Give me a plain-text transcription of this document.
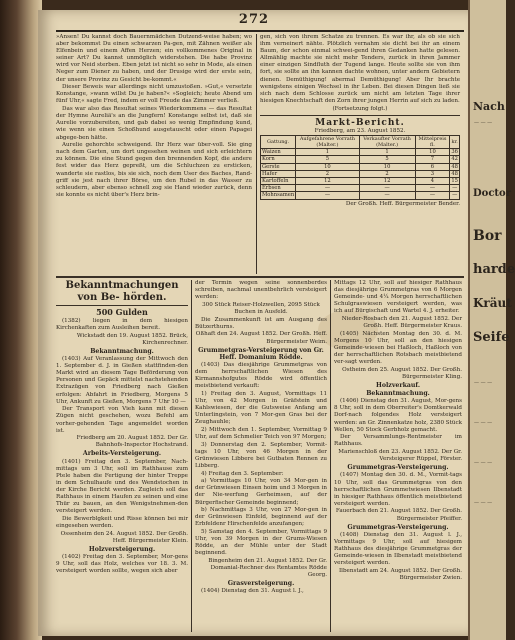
272

»Ansen! Du kannst doch Bauernmädchen Dutzend-weise haben; wo aber bekommst Du einen schwarzen Pa-gen, mit Zähnen weißer als Elfenbein und einem Affen Herzen; ein vollkommenes Original in seiner Art? Du kannst unmöglich widerstehen. Die habe Provinz wird vor Neid sterben. Eben jetzt ist nicht so sehr in Mode, als einen Neger zum Diener zu haben, und der Drusige wird der erste sein, der unsere Provinz zu Gesicht be-kommt.«

Dieser Beweis war allerdings nicht umzustoßen. »Gut,« versetzte Konstange, »wann willst Du je haben?« »Sogleich; heute Abend um fünf Uhr,« sagte Fred, indem er voll Freude das Zimmer verließ.

Das war also das Resultat seines Wiederkommens — das Resultat der Hymne Aureliä's an die Jungfern! Konstange selbst ist, daß sie Aurelie vorzubereiten, und gab dabei so wenig Empfindung kund, wie wenn sie einen Schoßhund ausgetauscht oder einen Papagei abgege-ben hätte.

Aurelie gehorchte schweigend. Ihr Herz war über-voll. Sie ging nach dem Garten, um dort ungesehen weinen und sich erleichtern zu können. Die eine Stund gegen den brennenden Kopf, die andere fest wider das Herz gepreßt, um die Schluchzen zu ersticken, wanderte sie rastlos, bis sie sich, noch dem User des Baches, Rand-griff sie jest nach ihrer Börse, um den Rubel in das Wasser zu schleudern, aber ebenso schnell zog sie Hand wieder zurück, denn sie konnte es nicht über's Herz brin-

gen, sich von ihrem Schatze zu trennen. Es war ihr, als ob sie sich ihm verneinert nähte. Plötzlich vernahm sie dicht bei ihr an einem Baum, der schon einmal schwei-gend ihren Gedanken hatte gelesen. Allmählig machte sie nicht mehr Tenders, zurück in ihren Jammer einer einzigen Sindfluth der Tugend lange. Heute sollte sie von ihm fort, sie sollte an ihn kannen dachte wohnen, unter andern Gebietern dienen. Demüthigung! abermal Demüthigung! Aber Ihr brachte wenigstens einigen Wechsel in ihr Leben. Bei diesen Dingen ließ sie sich nach dem Schlosse zurück um nicht am letzten Tage ihrer hiesigen Knechtschaft den Zorn ihrer jungen Herrin auf sich zu laden.

(Fortsetzung folgt.)

Markt-Bericht.
Friedberg, am 23. August 1852.
Gattung.	Aufgefahrene Vorrath (Malter.)	Verkaufter Vorrath (Malter.)	Mittelpreis fl.	kr.
Waizen	1	1	10	36
Korn	5	5	7	42
Gerste	10	10	6	48
Hafer	2	2	3	48
Kartoffeln	12	12	4	15
Erbsen	—	—	—	—
Mohnsamen	—	—	—	—

Der Großh. Heff. Bürgermeister Bender.

Bekanntmachungen von Be- hörden.

500 Gulden

(1382) liegen in dem hiesigen Kirchenkaften zum Ausleihen bereit.

Wickstadt den 19. August 1852. Brück, Kirchenrechner.

Bekanntmachung.

(1403) Auf Veranlassung der Mittwoch den 1. September d. J. in Gießen stattfinden-den Markt wird an diesem Tage Beförderung von Personen und Gepäck mittelst nachstehenden Extrazügen von Friedberg nach Gießen erfolgen: Abfahrt in Friedberg, Morgens 5 Uhr, Ankunft zu Gießen, Morgens 7 Uhr 10 —

Der Transport von Vieh kann mit diesen Zügen nicht geschehen, wozu Befehl am vorher-gehenden Tage angemeldet worden ist.

Friedberg am 20. August 1852. Der Gr. Bahnhofs-Inspector Hochstrand.

Arbeits-Versteigerung.

(1401) Freitag den 3. September, Nach-mittags um 3 Uhr, soll im Rathhause zum Ptele haben die Fertigung der hinter Treppe in dem Schulhaufe und des Wendstochen in der Kirche Bericht werden. Zugleich soll das Rathhaus in einem Haufen zu seinen und eine Thür zu bauen, an den Wenigstnehmen-den versteigert werden.

Die Bewerblgkeit und Risse können bei mir eingesehen werden.

Ossenheim den 24. August 1852. Der Großh. Heff. Bürgermeister Klein.

Holzversteigerung.

(1402) Freitag den 3. September, Mor-gens 9 Uhr, soll das Holz, welches vor 18. 3. M. versteigert worden sollte, wegen sich aber

der Termin wegen seine sonnenberdes schreiben, nachmal unentbehrlich versteigert werden:

300 Stück Reiser-Holzwellen, 2095 Stück Buchen in Ausfeld.

Die Zusammenkunft ist am Ausgang des Bützerthurns.

Oßhaft den 24. August 1852. Der Großh. Heff. Bürgermeister Weim.

Grummetgras-Versteigerung von Gr. Heff. Domanium Rödde.

(1403) Das diesjährige Grummetgras von dem herrschaftlichen Wiesen des Kirmannshofgutes Rödde wird öffentlich meistbietend verkauft:

1) Freitag den 3. August, Vormittags 11 Uhr, von 42 Morgen in Gräfstein und Kahlswiesen, der die Gutsweise Anfang am Unterlingstein, von 7 Mor-gen Gras bei der Zeughauhle;

2) Mittwoch den 1. September, Vormittag 9 Uhr, auf dem Schmelier Teich von 97 Morgen;

3) Donnerstag den 2. September, Vormit-tags 10 Uhr, von 46 Morgen in der Grünwiesen Libbere bei Gutbaten Rennen zu Libberg.

4) Freitag den 3. September:

a) Vormittags 10 Uhr, von 34 Mor-gen in der Grünwiesen Einsen hoim und 3 Morgen in der Nie-werfung Gerheimsen, auf der Bürgerfischer Gemeinde beginnend;

b) Nachmittags 3 Uhr, von 27 Mor-gen in der Grünwiesen Einfeld, beginnend auf der Erbfeldenr Hirschenfelde anzufangen;

5) Samstag den 4. September, Vormittags 9 Uhr, von 39 Morgen in der Grums-Wiesen Rödde, an der Mühle unter der Stadt beginnend.

Bingenheim den 21. August 1852. Der Gr. Domanial-Rechner des Rentamtes Rödde Georg.

Grasversteigerung.

(1404) Dienstag den 31. August l. J.,

Mittags 12 Uhr, soll auf hiesiger Rathhaus das diesjährige Grummetgras von 6 Morgen Gemeinde- und 4¼ Morgen herrschaftlichen Schulgraswiesen versteigert werden, was ich auf Bürgischaft und Wartel 4. J. erheiter.

Nieder-Rosbach den 21. August 1852. Der Großh. Heff. Bürgermeister Kraus.

(1405) Nächsten Montag den 30. d. M. Morgens 10 Uhr, soll an den hiesigen Gemeinde-wiesen bei Haßloch, Haßloch von der herrschaftlichen Rotsbach meistbietend ver-sagt werden.

Ostheim den 25. August 1852. Der Großh. Bürgermeister Kling.

Holzverkauf.

Bekanntmachung.

(1406) Dienstag den 31. August, Mor-gens 8 Uhr, soll in dem Oberreiter's Domtkerwald Dorf-nach folgendes Holz versteigert werden: an Gr. Zinnenkatze holz, 2380 Stück Wellen, 50 Stock Gerbholz gemacht.

Der Versammlungs-Rentmeister im Rathhaus.

Marienschloß den 23. August 1852. Der Gr. Versteigerer Rüppel, Förster.

Grummetgras-Versteigerung.

(1407) Montag den 30. d. M., Vormit-tags 10 Uhr, soll das Grummetgras von den herrschaftlichen Grummetwiesen Ilbenstadt in hiesiger Rathhaus öffentlich meistbietend versteigert werden.

Fauerbach den 21. August 1852. Der Großh. Bürgermeister Pfeiffer.

Grummetgras-Versteigerung.

(1408) Dienstag den 31. August l. J., Vormittags 9 Uhr, soll auf hiesigem Rathhaus des diesjährige Grummetgras der Gemeinde-wiesen in Ilbenstadt meistbietend versteigert werden.

Ilbenstadt am 24. August 1852. Der Großh. Bürgermeister Zwien.

Nach
— — —
Doctor
Bor
harde
Kräut
Seife
— — —
— — —
— — —
— — —
